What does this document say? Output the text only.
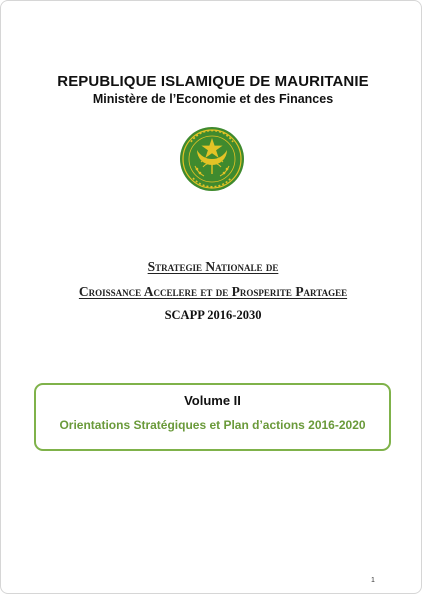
REPUBLIQUE ISLAMIQUE DE MAURITANIE
Ministère de l’Economie et des Finances
Strategie Nationale de
Croissance Accelere et de Prosperite Partagee
SCAPP 2016-2030
Volume II
Orientations Stratégiques et Plan d’actions 2016-2020
1
